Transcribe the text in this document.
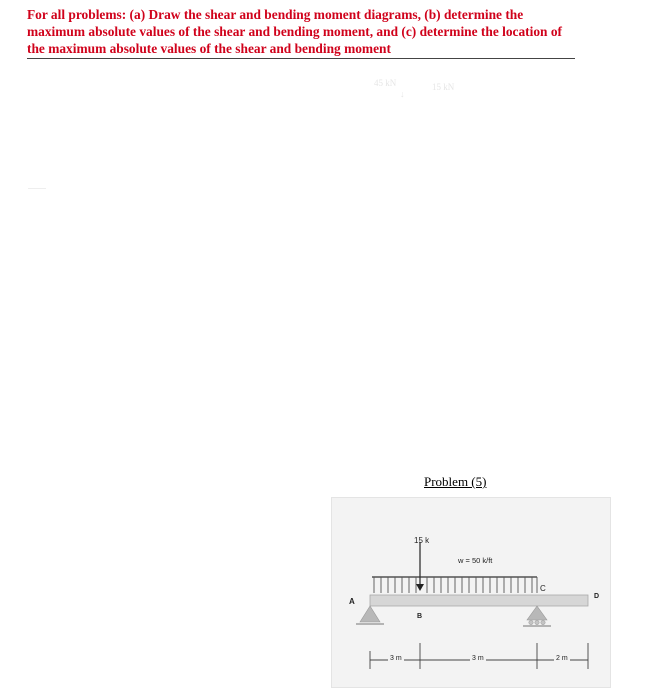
For all problems: (a) Draw the shear and bending moment diagrams, (b) determine the maximum absolute values of the shear and bending moment, and (c) determine the location of the maximum absolute values of the shear and bending moment

45 kN	15 kN
↓

Problem (5)

15 k
w = 50 k/ft
A
B
C
D
3 m	3 m	2 m
